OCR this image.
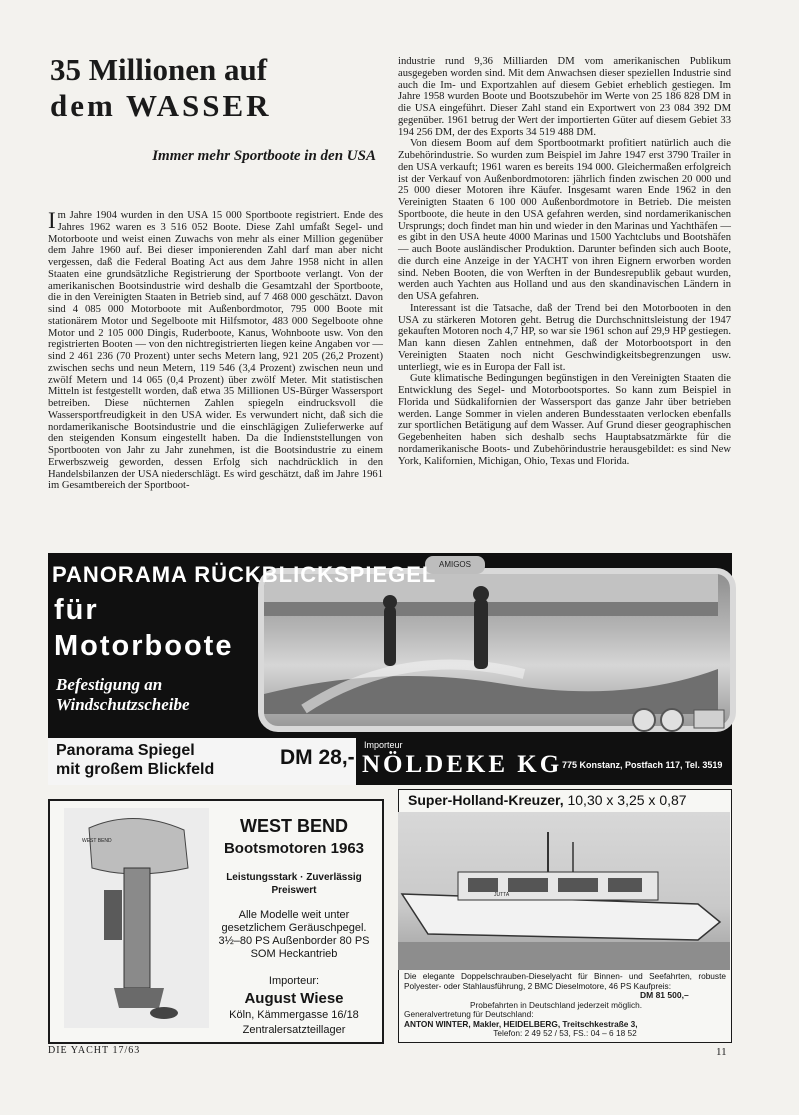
35 Millionen auf
dem WASSER
Immer mehr Sportboote in den USA

Im Jahre 1904 wurden in den USA 15 000 Sportboote registriert. Ende des Jahres 1962 waren es 3 516 052 Boote. Diese Zahl umfaßt Segel- und Motorboote und weist einen Zuwachs von mehr als einer Million gegenüber dem Jahre 1960 auf. Bei dieser imponierenden Zahl darf man aber nicht vergessen, daß die Federal Boating Act aus dem Jahre 1958 nicht in allen Staaten eine grundsätzliche Registrierung der Sportboote verlangt. Von der amerikanischen Bootsindustrie wird deshalb die Gesamtzahl der Sportboote, die in den Vereinigten Staaten in Betrieb sind, auf 7 468 000 geschätzt. Davon sind 4 085 000 Motorboote mit Außenbordmotor, 795 000 Boote mit stationärem Motor und Segelboote mit Hilfsmotor, 483 000 Segelboote ohne Motor und 2 105 000 Dingis, Ruderboote, Kanus, Wohnboote usw. Von den registrierten Booten — von den nichtregistrierten liegen keine Angaben vor — sind 2 461 236 (70 Prozent) unter sechs Metern lang, 921 205 (26,2 Prozent) zwischen sechs und neun Metern, 119 546 (3,4 Prozent) zwischen neun und zwölf Metern und 14 065 (0,4 Prozent) über zwölf Meter. Mit statistischen Mitteln ist festgestellt worden, daß etwa 35 Millionen US-Bürger Wassersport betreiben. Diese nüchternen Zahlen spiegeln eindrucksvoll die Wassersportfreudigkeit in den USA wider. Es verwundert nicht, daß sich die nordamerikanische Bootsindustrie und die einschlägigen Zulieferwerke auf den steigenden Konsum eingestellt haben. Da die Indienststellungen von Sportbooten von Jahr zu Jahr zunehmen, ist die Bootsindustrie zu einem Erwerbszweig geworden, dessen Erfolg sich nachdrücklich in den Handelsbilanzen der USA niederschlägt. Es wird geschätzt, daß im Jahre 1961 im Gesamtbereich der Sportboot-

industrie rund 9,36 Milliarden DM vom amerikanischen Publikum ausgegeben worden sind. Mit dem Anwachsen dieser speziellen Industrie sind auch die Im- und Exportzahlen auf diesem Gebiet erheblich gestiegen. Im Jahre 1958 wurden Boote und Bootszubehör im Werte von 25 186 828 DM in die USA eingeführt. Dieser Zahl stand ein Exportwert von 23 084 392 DM gegenüber. 1961 betrug der Wert der importierten Güter auf diesem Gebiet 33 194 256 DM, der des Exports 34 519 488 DM.

Von diesem Boom auf dem Sportbootmarkt profitiert natürlich auch die Zubehörindustrie. So wurden zum Beispiel im Jahre 1947 erst 3790 Trailer in den USA verkauft; 1961 waren es bereits 194 000. Gleichermaßen erfolgreich ist der Verkauf von Außenbordmotoren: jährlich finden zwischen 20 000 und 25 000 dieser Motoren ihre Käufer. Insgesamt waren Ende 1962 in den Vereinigten Staaten 6 100 000 Außenbordmotore in Betrieb. Die meisten Sportboote, die heute in den USA gefahren werden, sind nordamerikanischen Ursprungs; doch findet man hin und wieder in den Marinas und Yachthäfen — es gibt in den USA heute 4000 Marinas und 1500 Yachtclubs und Bootshäfen — auch Boote ausländischer Produktion. Darunter befinden sich auch Boote, die durch eine Anzeige in der YACHT von ihren Eignern erworben worden sind. Neben Booten, die von Werften in der Bundesrepublik gebaut wurden, werden auch Yachten aus Holland und aus den skandinavischen Ländern in den USA gefahren.

Interessant ist die Tatsache, daß der Trend bei den Motorbooten in den USA zu stärkeren Motoren geht. Betrug die Durchschnittsleistung der 1947 gekauften Motoren noch 4,7 HP, so war sie 1961 schon auf 29,9 HP gestiegen. Man kann diesen Zahlen entnehmen, daß der Motorbootsport in den Vereinigten Staaten noch nicht Geschwindigkeitsbegrenzungen usw. unterliegt, wie es in Europa der Fall ist.

Gute klimatische Bedingungen begünstigen in den Vereinigten Staaten die Entwicklung des Segel- und Motorbootsportes. So kann zum Beispiel in Florida und Südkalifornien der Wassersport das ganze Jahr über betrieben werden. Lange Sommer in vielen anderen Bundesstaaten verlocken ebenfalls zur sportlichen Betätigung auf dem Wasser. Auf Grund dieser geographischen Gegebenheiten haben sich deshalb sechs Hauptabsatzmärkte für die nordamerikanische Boots- und Zubehörindustrie herausgebildet: es sind New York, Kalifornien, Michigan, Ohio, Texas und Florida.

AMIGOS
PANORAMA RÜCKBLICKSPIEGEL
für
Motorboote
Befestigung an Windschutzscheibe
Panorama Spiegel
mit großem Blickfeld
DM 28,-
Importeur
NÖLDEKE KG 775 Konstanz, Postfach 117, Tel. 3519
WEST BEND
WEST BEND
Bootsmotoren 1963
Leistungsstark · Zuverlässig Preiswert
Alle Modelle weit unter gesetzlichem Geräuschpegel. 3½–80 PS Außenborder 80 PS SOM Heckantrieb
Importeur:
August Wiese
Köln, Kämmergasse 16/18
Zentralersatzteillager
Super-Holland-Kreuzer, 10,30 x 3,25 x 0,87
JUTTA
Die elegante Doppelschrauben-Dieselyacht für Binnen- und Seefahrten, robuste Polyester- oder Stahlausführung, 2 BMC Dieselmotore, 46 PS Kaufpreis:
DM 81 500,–
Probefahrten in Deutschland jederzeit möglich.
Generalvertretung für Deutschland:
ANTON WINTER, Makler, HEIDELBERG, Treitschkestraße 3,
Telefon: 2 49 52 / 53, FS.: 04 – 6 18 52
DIE YACHT 17/63	11
